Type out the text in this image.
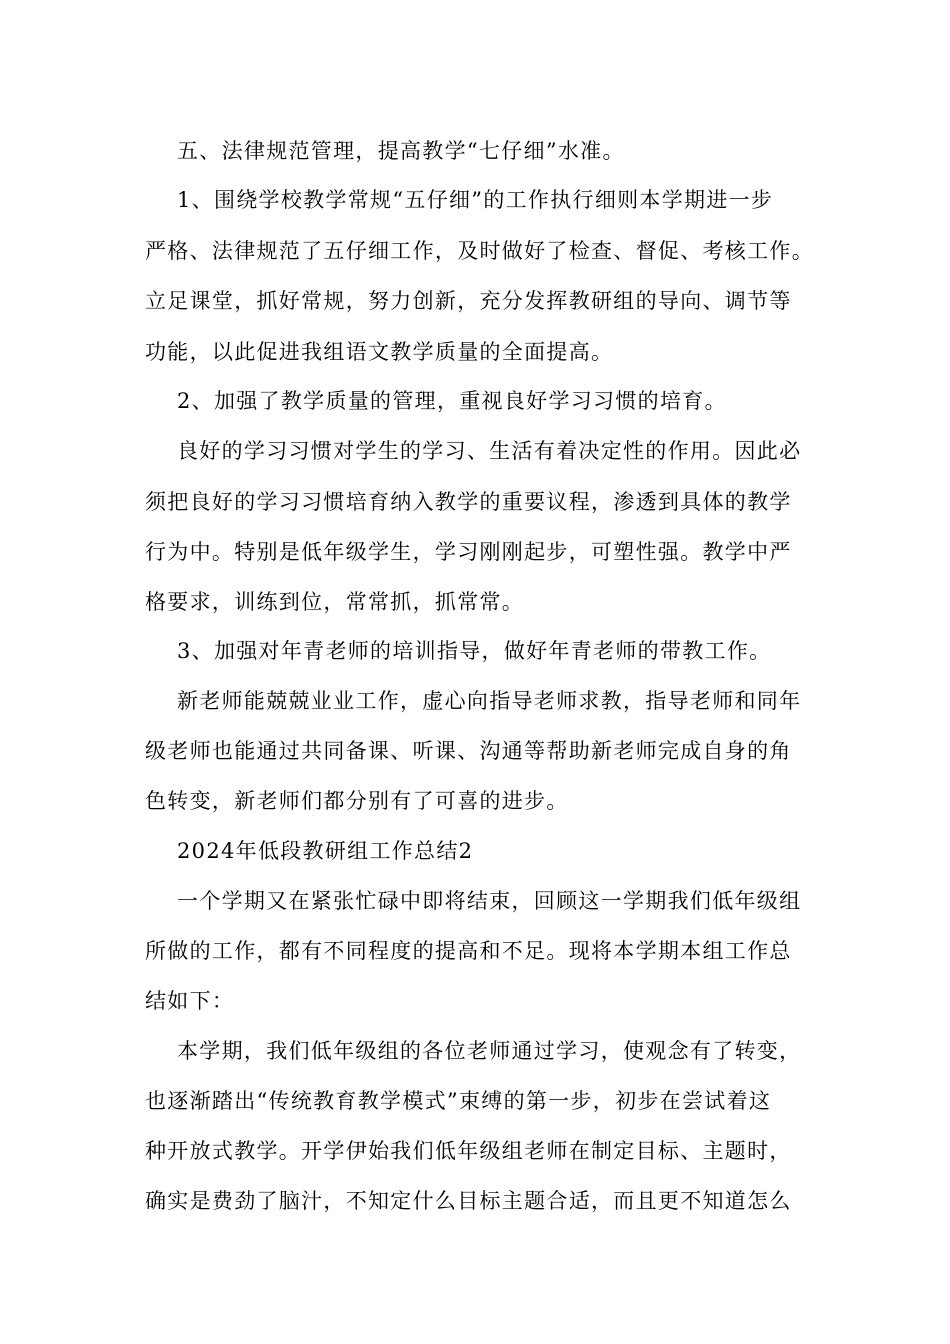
五、法律规范管理，提高教学“七仔细”水准。
1、围绕学校教学常规“五仔细”的工作执行细则本学期进一步
严格、法律规范了五仔细工作，及时做好了检查、督促、考核工作。
立足课堂，抓好常规，努力创新，充分发挥教研组的导向、调节等
功能，以此促进我组语文教学质量的全面提高。
2、加强了教学质量的管理，重视良好学习习惯的培育。
良好的学习习惯对学生的学习、生活有着决定性的作用。因此必
须把良好的学习习惯培育纳入教学的重要议程，渗透到具体的教学
行为中。特别是低年级学生，学习刚刚起步，可塑性强。教学中严
格要求，训练到位，常常抓，抓常常。
3、加强对年青老师的培训指导，做好年青老师的带教工作。
新老师能兢兢业业工作，虚心向指导老师求教，指导老师和同年
级老师也能通过共同备课、听课、沟通等帮助新老师完成自身的角
色转变，新老师们都分别有了可喜的进步。
2024年低段教研组工作总结2
一个学期又在紧张忙碌中即将结束，回顾这一学期我们低年级组
所做的工作，都有不同程度的提高和不足。现将本学期本组工作总
结如下：
本学期，我们低年级组的各位老师通过学习，使观念有了转变，
也逐渐踏出“传统教育教学模式”束缚的第一步，初步在尝试着这
种开放式教学。开学伊始我们低年级组老师在制定目标、主题时，
确实是费劲了脑汁，不知定什么目标主题合适，而且更不知道怎么
